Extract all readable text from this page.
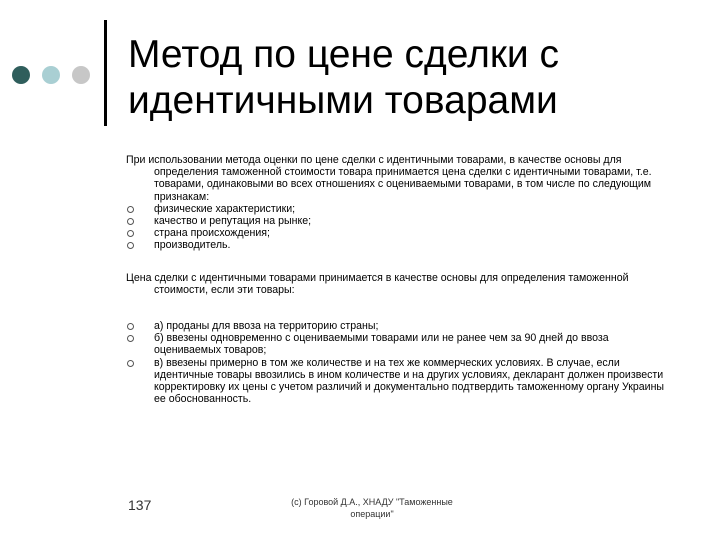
Метод по цене сделки с идентичными товарами

При использовании метода оценки по цене сделки с идентичными товарами, в качестве основы для определения таможенной стоимости товара принимается цена сделки с идентичными товарами, т.е. товарами, одинаковыми во всех отношениях с оцениваемыми товарами, в том числе по следующим признакам:

физические характеристики;
качество и репутация на рынке;
страна происхождения;
производитель.

Цена сделки с идентичными товарами принимается в качестве основы для определения таможенной стоимости, если эти товары:

а) проданы для ввоза на территорию страны;
б) ввезены одновременно с оцениваемыми товарами или не ранее чем за 90 дней до ввоза оцениваемых товаров;
в) ввезены примерно в том же количестве и на тех же коммерческих условиях. В случае, если идентичные товары ввозились в ином количестве и на других условиях, декларант должен произвести корректировку их цены с учетом различий и документально подтвердить таможенному органу Украины ее обоснованность.
137	(с) Горовой Д.А., ХНАДУ "Таможенные операции"
